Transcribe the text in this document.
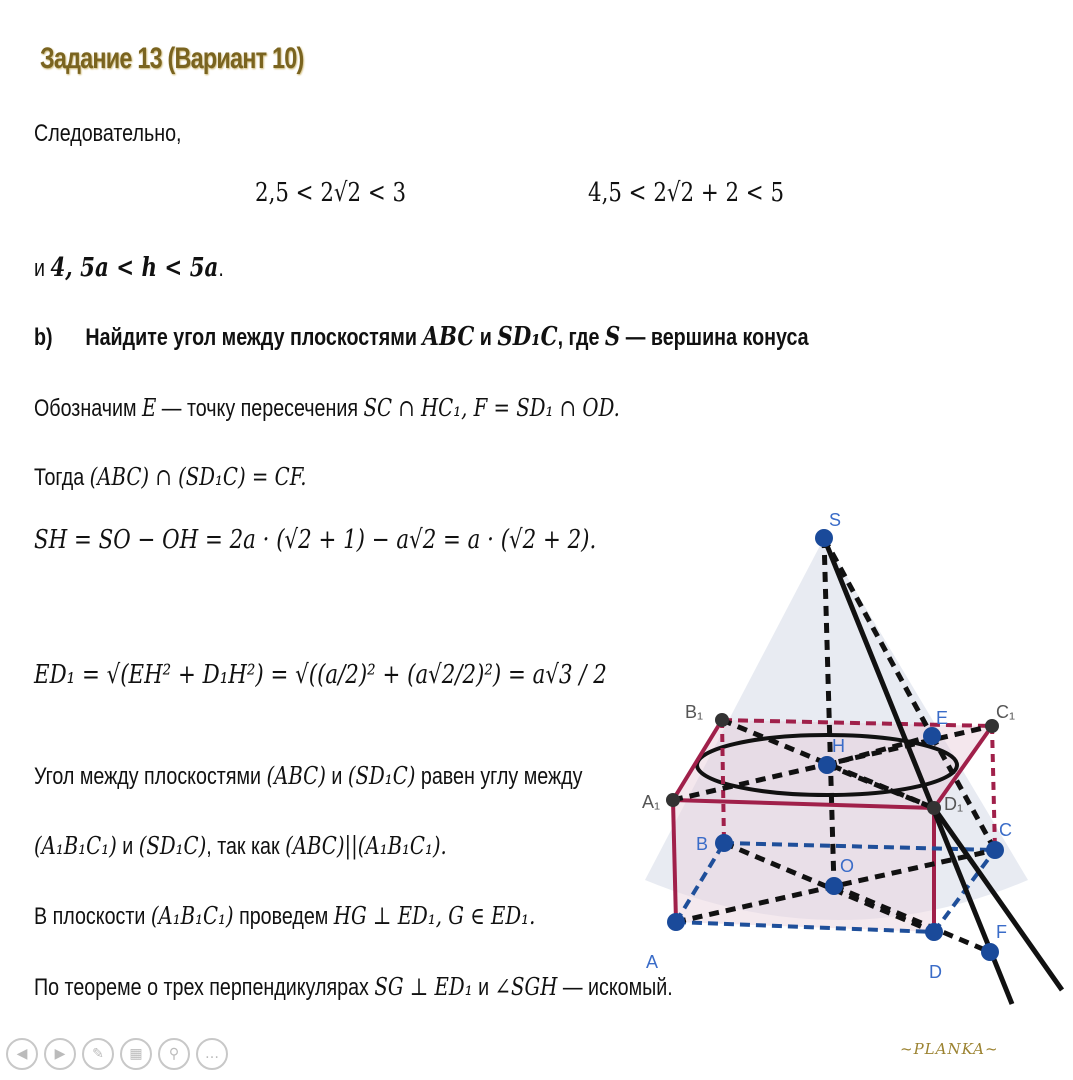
Задание 13 (Вариант 10)
Следовательно,
2,5 < 2√2 < 3	4,5 < 2√2 + 2 < 5
и 4, 5a < h < 5a.
b) Найдите угол между плоскостями ABC и SD₁C, где S — вершина конуса
Обозначим E — точку пересечения SC ∩ HC₁, F = SD₁ ∩ OD.
Тогда (ABC) ∩ (SD₁C) = CF.
SH = SO − OH = 2a · (√2 + 1) − a√2 = a · (√2 + 2).
ED₁ = √(EH² + D₁H²) = √((a/2)² + (a√2/2)²) = a√3 / 2
Угол между плоскостями (ABC) и (SD₁C) равен углу между
(A₁B₁C₁) и (SD₁C), так как (ABC)||(A₁B₁C₁).
В плоскости (A₁B₁C₁) проведем HG ⊥ ED₁, G ∈ ED₁.
По теореме о трех перпендикулярах SG ⊥ ED₁ и ∠SGH — искомый.
S
H
E
O
A
B
C
D
F
A₁
B₁	C₁
D₁
◀	▶	✎	▦	⚲	…	~PLANKA~
